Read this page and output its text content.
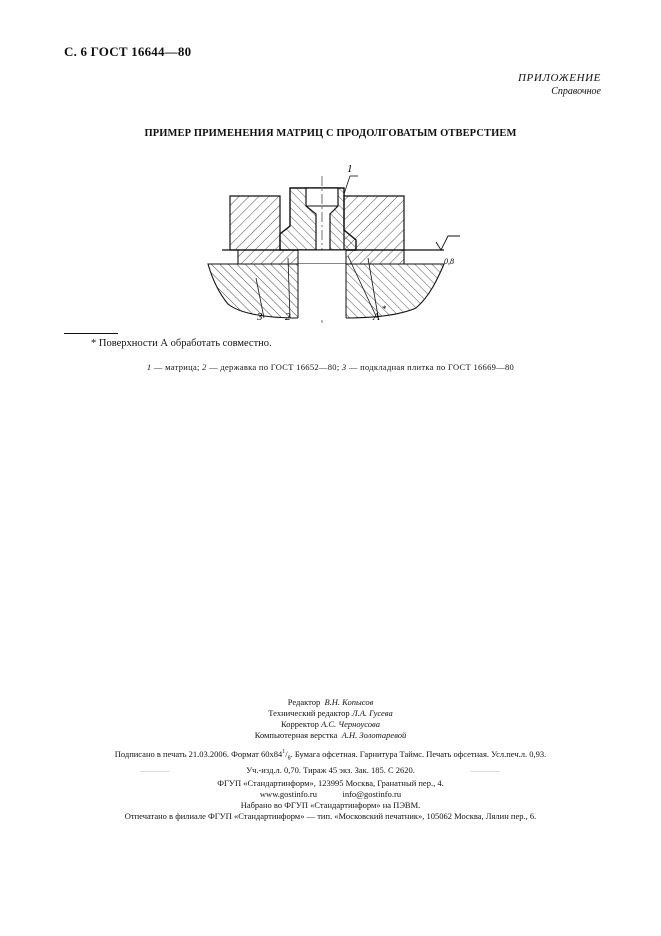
С. 6 ГОСТ 16644—80
ПРИЛОЖЕНИЕ
Справочное
ПРИМЕР ПРИМЕНЕНИЯ МАТРИЦ С ПРОДОЛГОВАТЫМ ОТВЕРСТИЕМ
0,8
1
3 2	А
*
* Поверхности А обработать совместно.
1 — матрица; 2 — державка по ГОСТ 16652—80; 3 — подкладная плитка по ГОСТ 16669—80
Редактор В.Н. Копысов
Технический редактор Л.А. Гусева
Корректор А.С. Черноусова
Компьютерная верстка А.Н. Золотаревой
Подписано в печать 21.03.2006. Формат $60x84^1/_8$. Бумага офсетная. Гарнитура Таймс. Печать офсетная. Усл.печ.л. 0,93.
Уч.-изд.л. 0,70. Тираж 45 экз. Зак. 185. С 2620.
ФГУП «Стандартинформ», 123995 Москва, Гранатный пер., 4.
www.gostinfo.ru	info@gostinfo.ru
Набрано во ФГУП «Стандартинформ» на ПЭВМ.
Отпечатано в филиале ФГУП «Стандартинформ» — тип. «Московский печатник», 105062 Москва, Лялин пер., 6.
